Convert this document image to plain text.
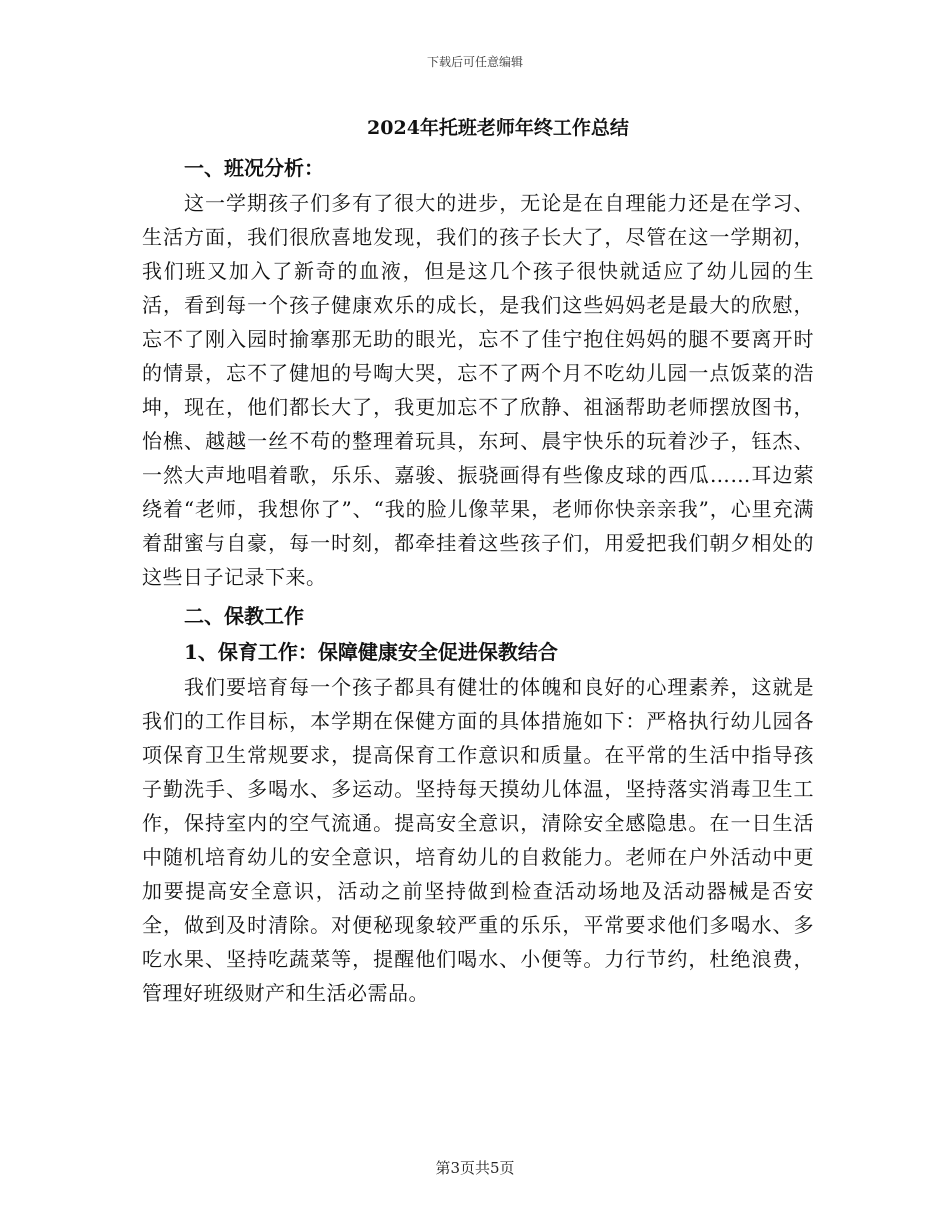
下载后可任意编辑
2024年托班老师年终工作总结

一、班况分析：

这一学期孩子们多有了很大的进步，无论是在自理能力还是在学习、生活方面，我们很欣喜地发现，我们的孩子长大了，尽管在这一学期初，我们班又加入了新奇的血液，但是这几个孩子很快就适应了幼儿园的生活，看到每一个孩子健康欢乐的成长，是我们这些妈妈老是最大的欣慰，忘不了刚入园时揄搴那无助的眼光，忘不了佳宁抱住妈妈的腿不要离开时的情景，忘不了健旭的号啕大哭，忘不了两个月不吃幼儿园一点饭菜的浩坤，现在，他们都长大了，我更加忘不了欣静、祖涵帮助老师摆放图书，怡樵、越越一丝不苟的整理着玩具，东珂、晨宇快乐的玩着沙子，钰杰、一然大声地唱着歌，乐乐、嘉骏、振骁画得有些像皮球的西瓜……耳边萦绕着“老师，我想你了”、“我的脸儿像苹果，老师你快亲亲我”，心里充满着甜蜜与自豪，每一时刻，都牵挂着这些孩子们，用爱把我们朝夕相处的这些日子记录下来。

二、保教工作

1、保育工作：保障健康安全促进保教结合

我们要培育每一个孩子都具有健壮的体魄和良好的心理素养，这就是我们的工作目标，本学期在保健方面的具体措施如下：严格执行幼儿园各项保育卫生常规要求，提高保育工作意识和质量。在平常的生活中指导孩子勤洗手、多喝水、多运动。坚持每天摸幼儿体温，坚持落实消毒卫生工作，保持室内的空气流通。提高安全意识，清除安全感隐患。在一日生活中随机培育幼儿的安全意识，培育幼儿的自救能力。老师在户外活动中更加要提高安全意识，活动之前坚持做到检查活动场地及活动器械是否安全，做到及时清除。对便秘现象较严重的乐乐，平常要求他们多喝水、多吃水果、坚持吃蔬菜等，提醒他们喝水、小便等。力行节约，杜绝浪费，管理好班级财产和生活必需品。

第3页共5页
